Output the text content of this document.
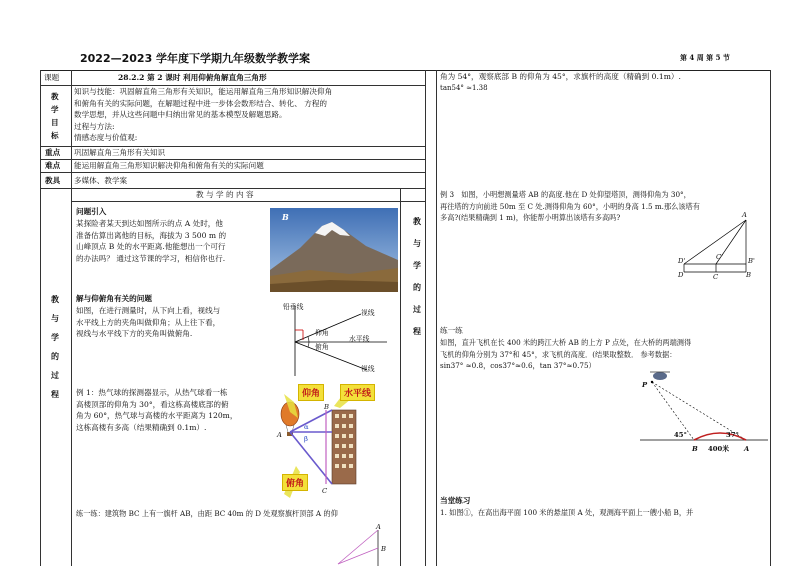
2022—2023 学年度下学期九年级数学教学案	第 4 周 第 5 节
课题	28.2.2 第 2 课时 利用仰俯角解直角三角形
教学目标
知识与技能：巩固解直角三角形有关知识，能运用解直角三角形知识解决仰角
和俯角有关的实际问题，在解题过程中进一步体会数形结合、转化、 方程的
数学思想，并从这些问题中归纳出常见的基本模型及解题思路。
过程与方法:
情感态度与价值观:
重点 巩固解直角三角形有关知识
难点 能运用解直角三角形知识解决仰角和俯角有关的实际问题
教具 多媒体、教学案
教 与 学 的 内 容
教与学的过程
教与学的过程
问题引入
某探险者某天到达如图所示的点 A 处时，他
准备估算出离他的目标，海拔为 3 500 m 的
山峰顶点 B 处的水平距离.他能想出一个可行
的办法吗？ 通过这节课的学习，相信你也行.
B
解与仰俯角有关的问题
如图，在进行测量时，从下向上看，视线与
水平线上方的夹角叫做仰角；从上往下看，
视线与水平线下方的夹角叫做俯角.
铅垂线
视线
仰角
俯角
水平线
视线
例 1：热气球的探测器显示，从热气球看一栋
高楼顶部的仰角为 30°，看这栋高楼底部的俯
角为 60°，热气球与高楼的水平距离为 120m，
这栋高楼有多高（结果精确到 0.1m）.
仰角	水平线
俯角
A
B
C
α
β
练一练：建筑物 BC 上有一旗杆 AB，由距 BC 40m 的 D 处观察旗杆顶部 A 的仰
A
B
角为 54°，观察底部 B 的仰角为 45°，求旗杆的高度（精确到 0.1m）.
tan54° ≈1.38
例 3　如图，小明想测量塔 AB 的高度.他在 D 处仰望塔顶，测得仰角为 30°，
再往塔的方向前进 50m 至 C 处.测得仰角为 60°，小明的身高 1.5 m.那么该塔有
多高?(结果精确到 1 m)，你能帮小明算出该塔有多高吗?	A
B'
C'
D'
D	C	B
练一练
如图，直升飞机在长 400 米的跨江大桥 AB 的上方 P 点处，在大桥的两端测得
飞机的仰角分别为 37°和 45°，求飞机的高度．(结果取整数． 参考数据：
sin37° ≈0.8，cos37°≈0.6，tan 37°≈0.75）
P
45°	37°
B 400米 A
当堂练习
1. 如图①，在高出海平面 100 米的悬崖顶 A 处，观测海平面上一艘小船 B，并
